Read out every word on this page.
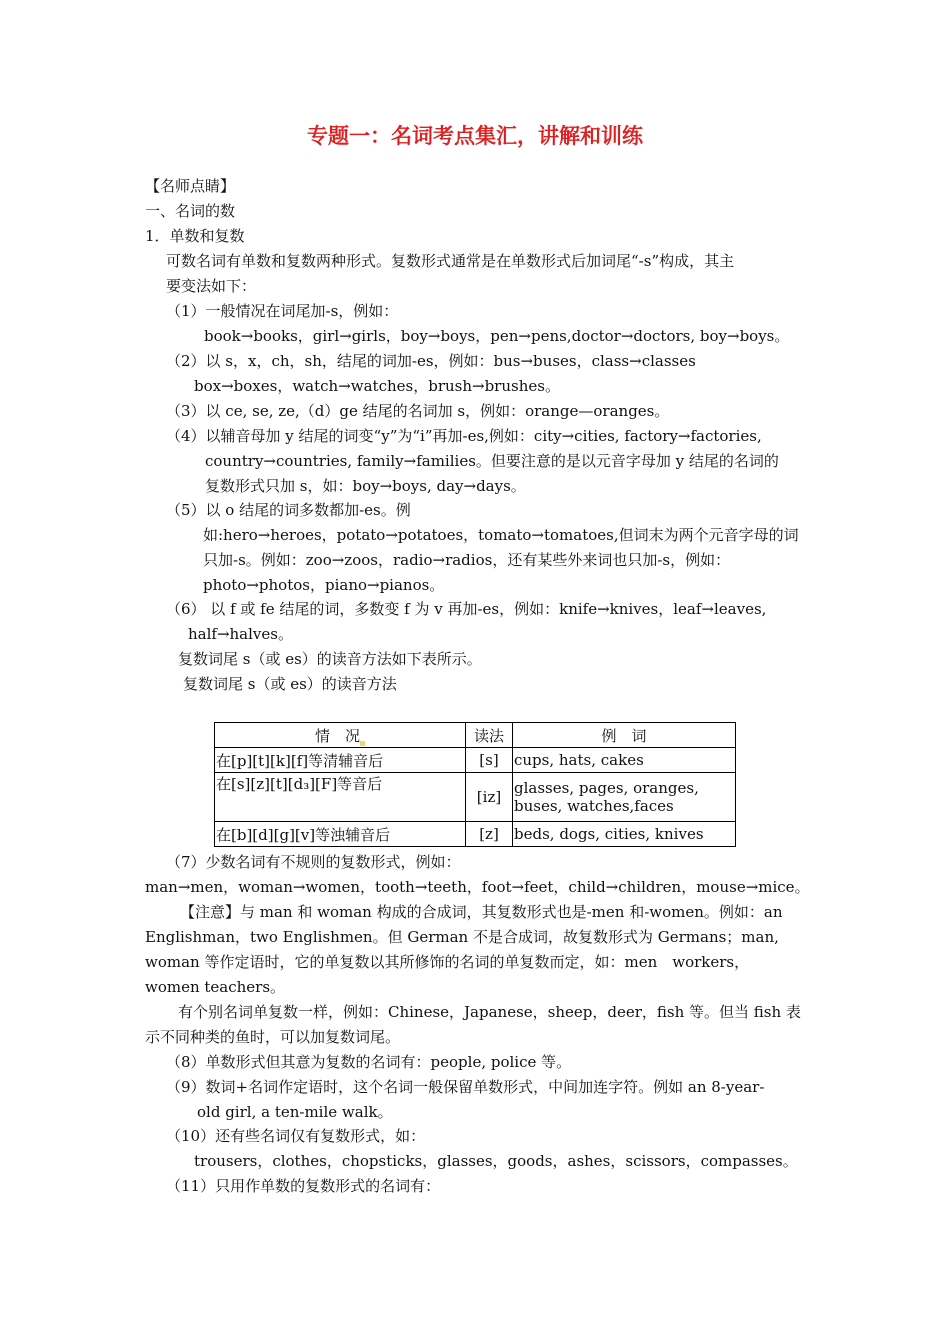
专题一：名词考点集汇，讲解和训练
【名师点睛】
一、名词的数
1．单数和复数
可数名词有单数和复数两种形式。复数形式通常是在单数形式后加词尾“-s”构成，其主
要变法如下：
（1）一般情况在词尾加-s，例如：
book→books，girl→girls，boy→boys，pen→pens,doctor→doctors, boy→boys。
（2）以 s，x，ch，sh，结尾的词加-es，例如：bus→buses，class→classes
box→boxes，watch→watches，brush→brushes。
（3）以 ce, se, ze,（d）ge 结尾的名词加 s，例如：orange—oranges。
（4）以辅音母加 y 结尾的词变“y”为“i”再加-es,例如：city→cities, factory→factories,
country→countries, family→families。但要注意的是以元音字母加 y 结尾的名词的
复数形式只加 s，如：boy→boys, day→days。
（5）以 o 结尾的词多数都加-es。例
如:hero→heroes，potato→potatoes，tomato→tomatoes,但词末为两个元音字母的词
只加-s。例如：zoo→zoos，radio→radios，还有某些外来词也只加-s，例如：
photo→photos，piano→pianos。
（6） 以 f 或 fe 结尾的词，多数变 f 为 v 再加-es，例如：knife→knives，leaf→leaves,
half→halves。
复数词尾 s（或 es）的读音方法如下表所示。
复数词尾 s（或 es）的读音方法
情　况	读法	例　词
在[p][t][k][f]等清辅音后	[s]	cups, hats, cakes
在[s][z][t][d₃][F]等音后	[iz]	glasses, pages, oranges,
buses, watches,faces

在[b][d][g][v]等浊辅音后	[z]	beds, dogs, cities, knives
（7）少数名词有不规则的复数形式，例如：
man→men，woman→women，tooth→teeth，foot→feet，child→children，mouse→mice。
【注意】与 man 和 woman 构成的合成词，其复数形式也是-men 和-women。例如：an
Englishman，two Englishmen。但 German 不是合成词，故复数形式为 Germans；man,
woman 等作定语时，它的单复数以其所修饰的名词的单复数而定，如：men　workers，
women teachers。
有个别名词单复数一样，例如：Chinese，Japanese，sheep，deer，fish 等。但当 fish 表
示不同种类的鱼时，可以加复数词尾。
（8）单数形式但其意为复数的名词有：people, police 等。
（9）数词+名词作定语时，这个名词一般保留单数形式，中间加连字符。例如 an 8-year-
old girl, a ten-mile walk。
（10）还有些名词仅有复数形式，如：
trousers，clothes，chopsticks，glasses，goods，ashes，scissors，compasses。
（11）只用作单数的复数形式的名词有：
